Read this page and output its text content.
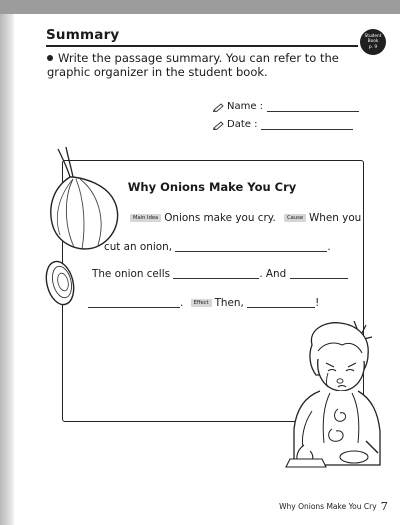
Summary	Student
Book
p. 9
Write the passage summary. You can refer to the graphic organizer in the student book.
Name :
Date :
Why Onions Make You Cry
Main Idea Onions make you cry. Cause When you
cut an onion,	.
The onion cells	. And
. Effect Then,	!
Why Onions Make You Cry 7
